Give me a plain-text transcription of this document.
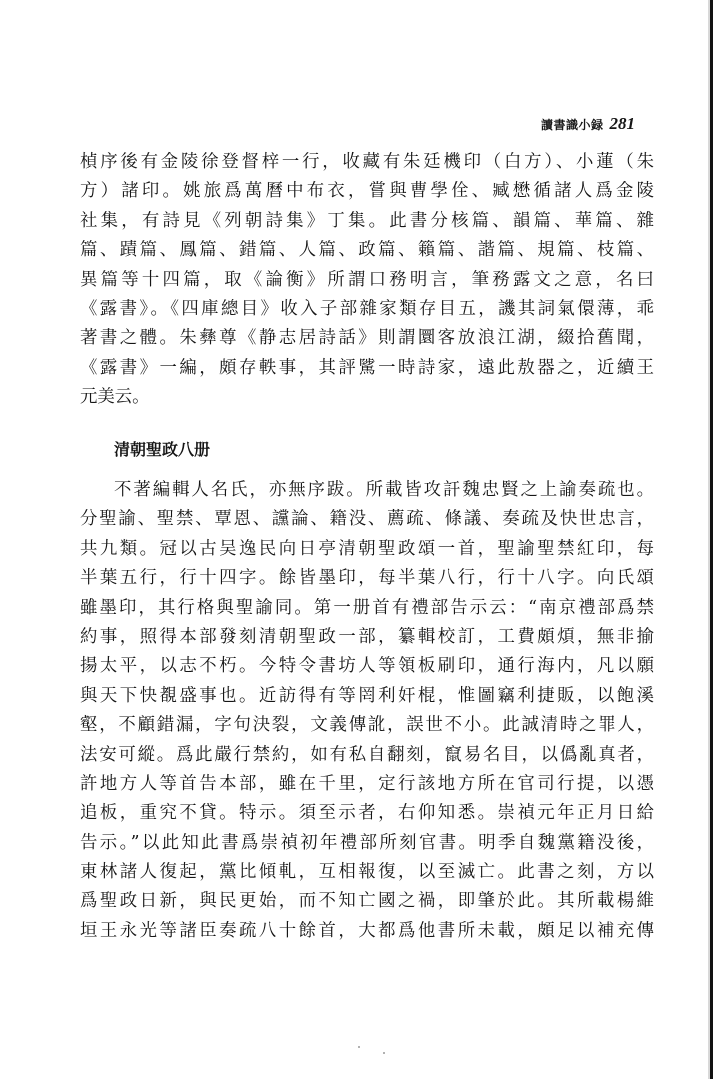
讀書識小録 281
楨序後有金陵徐登督梓一行，收藏有朱廷機印（白方）、小蓮（朱
方）諸印。姚旅爲萬曆中布衣，嘗與曹學佺、臧懋循諸人爲金陵
社集，有詩見《列朝詩集》丁集。此書分核篇、韻篇、華篇、雜
篇、蹟篇、鳳篇、錯篇、人篇、政篇、籟篇、諧篇、規篇、枝篇、
異篇等十四篇，取《論衡》所謂口務明言，筆務露文之意，名曰
《露書》。《四庫總目》收入子部雜家類存目五，譏其詞氣儇薄，乖
著書之體。朱彝尊《静志居詩話》則謂圜客放浪江湖，綴拾舊聞，
《露書》一編，頗存軼事，其評騭一時詩家，遠此敖器之，近續王
元美云。
清朝聖政八册
不著編輯人名氏，亦無序跋。所載皆攻訐魏忠賢之上諭奏疏也。
分聖諭、聖禁、覃恩、讜論、籍没、薦疏、條議、奏疏及快世忠言，
共九類。冠以古吴逸民向日亭清朝聖政頌一首，聖諭聖禁紅印，每
半葉五行，行十四字。餘皆墨印，每半葉八行，行十八字。向氏頌
雖墨印，其行格與聖諭同。第一册首有禮部告示云：“南京禮部爲禁
約事，照得本部發刻清朝聖政一部，纂輯校訂，工費頗煩，無非揄
揚太平，以志不朽。今特令書坊人等領板刷印，通行海内，凡以願
與天下快覩盛事也。近訪得有等罔利奸棍，惟圖竊利捷販，以飽溪
壑，不顧錯漏，字句決裂，文義傳訛，誤世不小。此誠清時之罪人，
法安可縱。爲此嚴行禁約，如有私自翻刻，竄易名目，以僞亂真者，
許地方人等首告本部，雖在千里，定行該地方所在官司行提，以憑
追板，重究不貸。特示。須至示者，右仰知悉。崇禎元年正月日給
告示。”以此知此書爲崇禎初年禮部所刻官書。明季自魏黨籍没後，
東林諸人復起，黨比傾軋，互相報復，以至滅亡。此書之刻，方以
爲聖政日新，與民更始，而不知亡國之禍，即肇於此。其所載楊維
垣王永光等諸臣奏疏八十餘首，大都爲他書所未載，頗足以補充傳
